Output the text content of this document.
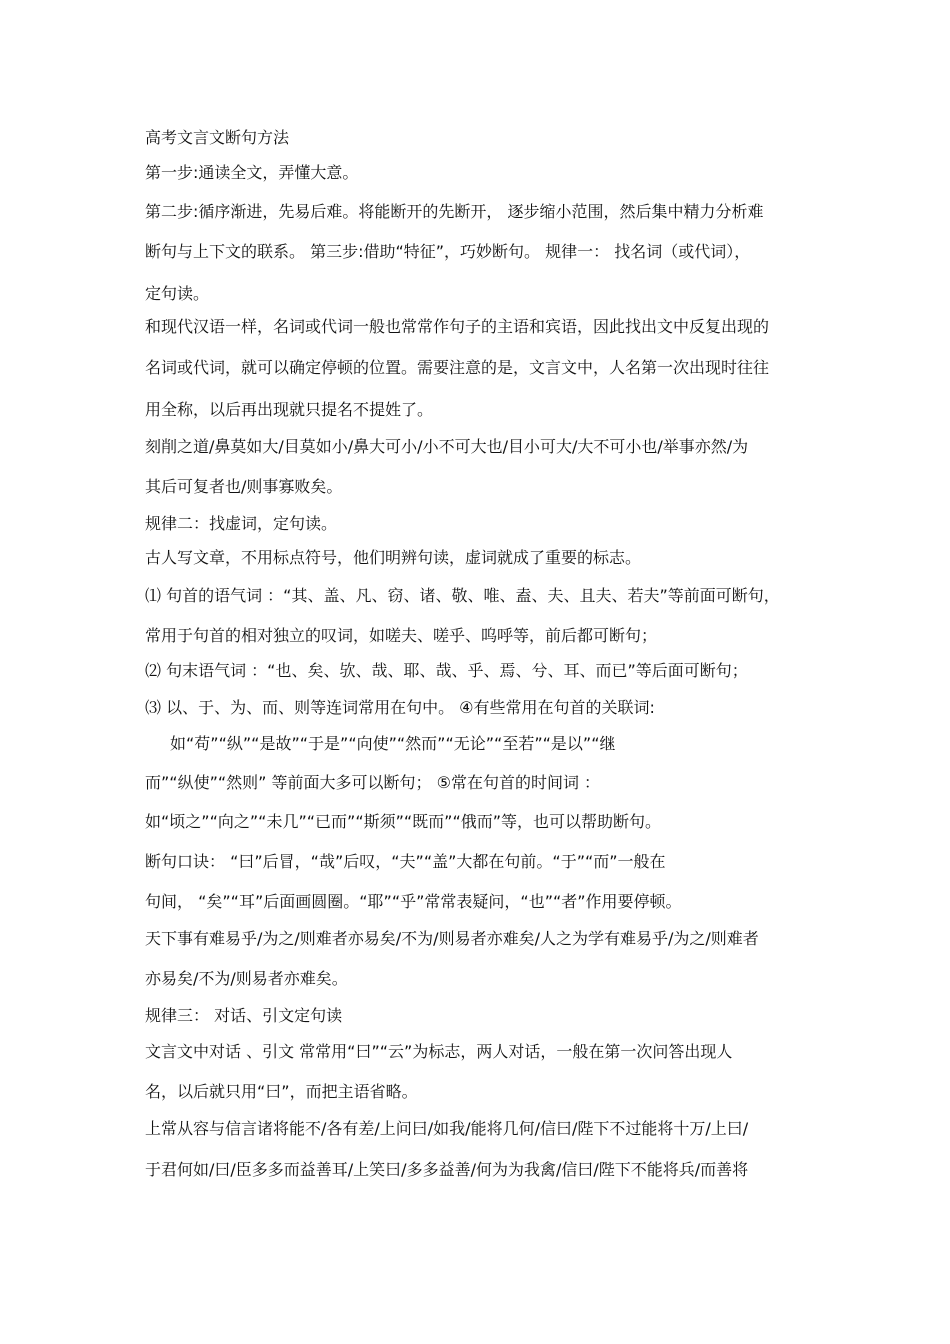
高考文言文断句方法
第一步:通读全文，弄懂大意。
第二步:循序渐进，先易后难。将能断开的先断开， 逐步缩小范围，然后集中精力分析难
断句与上下文的联系。 第三步:借助“特征”，巧妙断句。 规律一： 找名词（或代词），
定句读。
和现代汉语一样，名词或代词一般也常常作句子的主语和宾语，因此找出文中反复出现的
名词或代词，就可以确定停顿的位置。需要注意的是，文言文中，人名第一次出现时往往
用全称，以后再出现就只提名不提姓了。
刻削之道/鼻莫如大/目莫如小/鼻大可小/小不可大也/目小可大/大不可小也/举事亦然/为
其后可复者也/则事寡败矣。
规律二：找虚词，定句读。
古人写文章，不用标点符号，他们明辨句读，虚词就成了重要的标志。
⑴ 句首的语气词 ：“其、盖、凡、窃、诸、敬、唯、盍、夫、且夫、若夫”等前面可断句，
常用于句首的相对独立的叹词，如嗟夫、嗟乎、呜呼等，前后都可断句；
⑵ 句末语气词 ：“也、矣、欤、哉、耶、哉、乎、焉、兮、耳、而已”等后面可断句；
⑶ 以、于、为、而、则等连词常用在句中。 ④有些常用在句首的关联词:
如“苟”“纵”“是故”“于是”“向使”“然而”“无论”“至若”“是以”“继
而”“纵使”“然则” 等前面大多可以断句； ⑤常在句首的时间词 ：
如“顷之”“向之”“未几”“已而”“斯须”“既而”“俄而”等，也可以帮助断句。
断句口诀： “曰”后冒，“哉”后叹，“夫”“盖”大都在句前。“于”“而”一般在
句间， “矣”“耳”后面画圆圈。“耶”“乎”常常表疑问，“也”“者”作用要停顿。
天下事有难易乎/为之/则难者亦易矣/不为/则易者亦难矣/人之为学有难易乎/为之/则难者
亦易矣/不为/则易者亦难矣。
规律三： 对话、引文定句读
文言文中对话 、引文 常常用“曰”“云”为标志，两人对话，一般在第一次问答出现人
名，以后就只用“曰”，而把主语省略。
上常从容与信言诸将能不/各有差/上问曰/如我/能将几何/信曰/陛下不过能将十万/上曰/
于君何如/曰/臣多多而益善耳/上笑曰/多多益善/何为为我禽/信曰/陛下不能将兵/而善将
